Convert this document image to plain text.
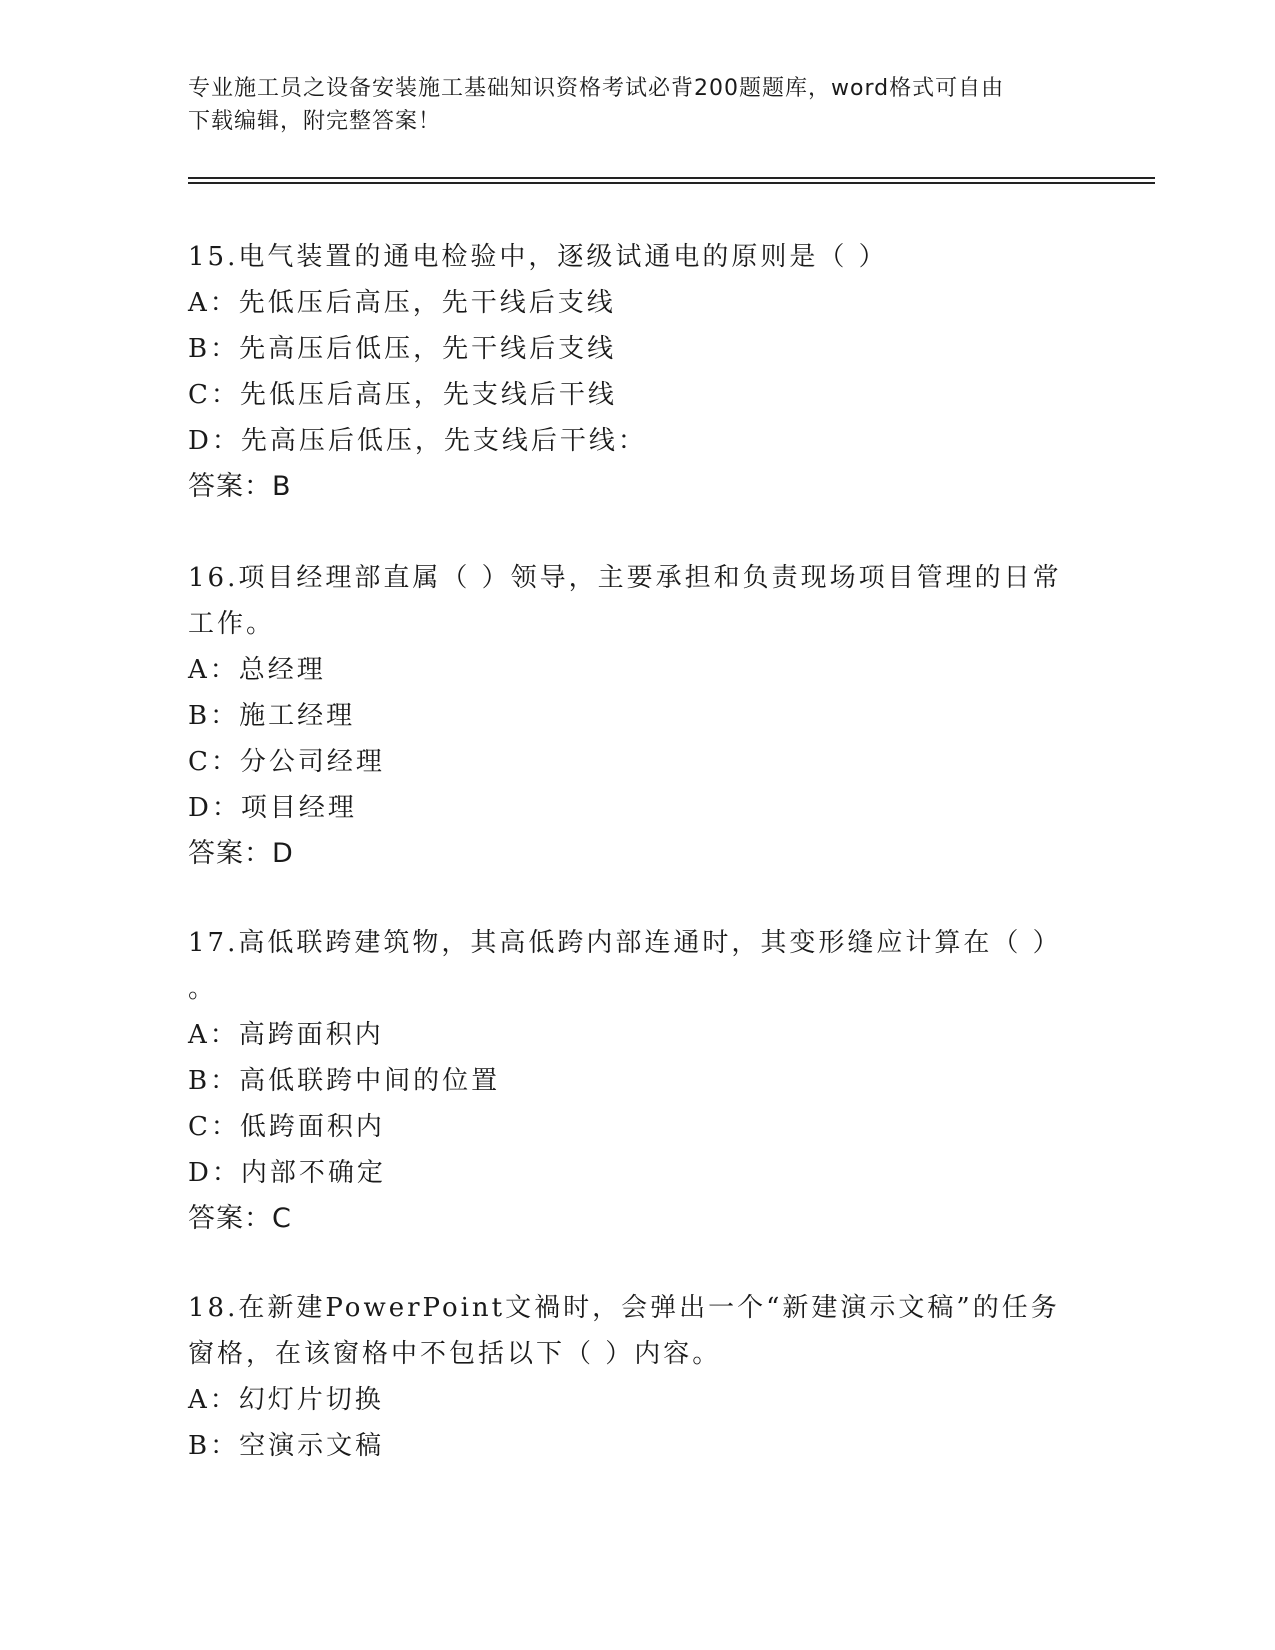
专业施工员之设备安装施工基础知识资格考试必背200题题库，word格式可自由
下载编辑，附完整答案！
15.电气装置的通电检验中，逐级试通电的原则是（ ）
A：先低压后高压，先干线后支线
B：先高压后低压，先干线后支线
C：先低压后高压，先支线后干线
D：先高压后低压，先支线后干线：
答案：B
16.项目经理部直属（ ）领导，主要承担和负责现场项目管理的日常
工作。
A：总经理
B：施工经理
C：分公司经理
D：项目经理
答案：D
17.高低联跨建筑物，其高低跨内部连通时，其变形缝应计算在（ ）
。
A：高跨面积内
B：高低联跨中间的位置
C：低跨面积内
D：内部不确定
答案：C
18.在新建PowerPoint文禍时，会弹出一个“新建演示文稿”的任务
窗格，在该窗格中不包括以下（ ）内容。
A：幻灯片切换
B：空演示文稿
